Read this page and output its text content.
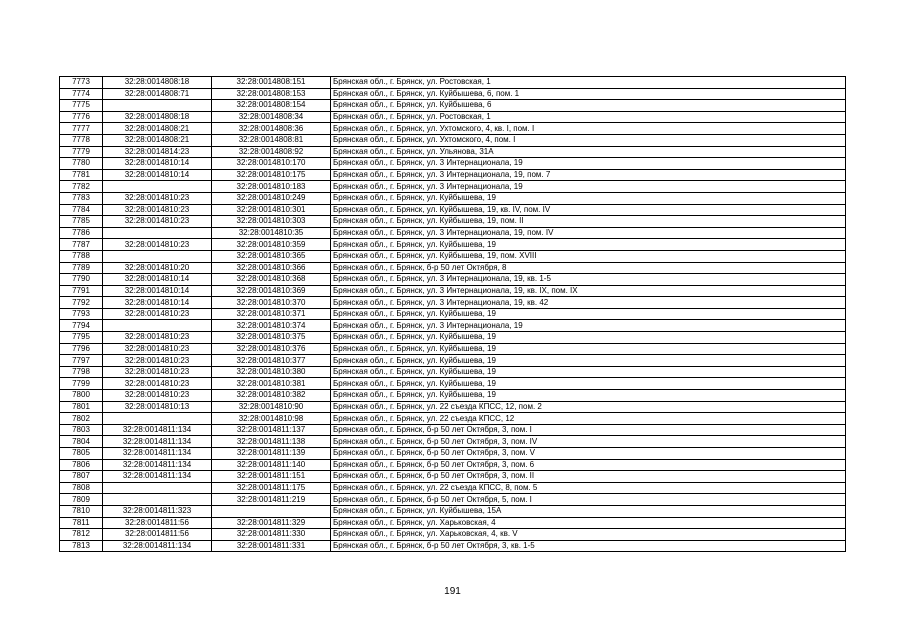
7773	32:28:0014808:18	32:28:0014808:151	Брянская обл., г. Брянск, ул. Ростовская, 1
7774	32:28:0014808:71	32:28:0014808:153	Брянская обл., г. Брянск, ул. Куйбышева, 6, пом. 1
7775		32:28:0014808:154	Брянская обл., г. Брянск, ул. Куйбышева, 6
7776	32:28:0014808:18	32:28:0014808:34	Брянская обл., г. Брянск, ул. Ростовская, 1
7777	32:28:0014808:21	32:28:0014808:36	Брянская обл., г. Брянск, ул. Ухтомского, 4, кв. I, пом. I
7778	32:28:0014808:21	32:28:0014808:81	Брянская обл., г. Брянск, ул. Ухтомского, 4, пом. I
7779	32:28:0014814:23	32:28:0014808:92	Брянская обл., г. Брянск, ул. Ульянова, 31А
7780	32:28:0014810:14	32:28:0014810:170	Брянская обл., г. Брянск, ул. 3 Интернационала, 19
7781	32:28:0014810:14	32:28:0014810:175	Брянская обл., г. Брянск, ул. 3 Интернационала, 19, пом. 7
7782		32:28:0014810:183	Брянская обл., г. Брянск, ул. 3 Интернационала, 19
7783	32:28:0014810:23	32:28:0014810:249	Брянская обл., г. Брянск, ул. Куйбышева, 19
7784	32:28:0014810:23	32:28:0014810:301	Брянская обл., г. Брянск, ул. Куйбышева, 19, кв. IV, пом. IV
7785	32:28:0014810:23	32:28:0014810:303	Брянская обл., г. Брянск, ул. Куйбышева, 19, пом. II
7786		32:28:0014810:35	Брянская обл., г. Брянск, ул. 3 Интернационала, 19, пом. IV
7787	32:28:0014810:23	32:28:0014810:359	Брянская обл., г. Брянск, ул. Куйбышева, 19
7788		32:28:0014810:365	Брянская обл., г. Брянск, ул. Куйбышева, 19, пом. XVIII
7789	32:28:0014810:20	32:28:0014810:366	Брянская обл., г. Брянск, б-р 50 лет Октября, 8
7790	32:28:0014810:14	32:28:0014810:368	Брянская обл., г. Брянск, ул. 3 Интернационала, 19, кв. 1-5
7791	32:28:0014810:14	32:28:0014810:369	Брянская обл., г. Брянск, ул. 3 Интернационала, 19, кв. IX, пом. IX
7792	32:28:0014810:14	32:28:0014810:370	Брянская обл., г. Брянск, ул. 3 Интернационала, 19, кв. 42
7793	32:28:0014810:23	32:28:0014810:371	Брянская обл., г. Брянск, ул. Куйбышева, 19
7794		32:28:0014810:374	Брянская обл., г. Брянск, ул. 3 Интернационала, 19
7795	32:28:0014810:23	32:28:0014810:375	Брянская обл., г. Брянск, ул. Куйбышева, 19
7796	32:28:0014810:23	32:28:0014810:376	Брянская обл., г. Брянск, ул. Куйбышева, 19
7797	32:28:0014810:23	32:28:0014810:377	Брянская обл., г. Брянск, ул. Куйбышева, 19
7798	32:28:0014810:23	32:28:0014810:380	Брянская обл., г. Брянск, ул. Куйбышева, 19
7799	32:28:0014810:23	32:28:0014810:381	Брянская обл., г. Брянск, ул. Куйбышева, 19
7800	32:28:0014810:23	32:28:0014810:382	Брянская обл., г. Брянск, ул. Куйбышева, 19
7801	32:28:0014810:13	32:28:0014810:90	Брянская обл., г. Брянск, ул. 22 съезда КПСС, 12, пом. 2
7802		32:28:0014810:98	Брянская обл., г. Брянск, ул. 22 съезда КПСС, 12
7803	32:28:0014811:134	32:28:0014811:137	Брянская обл., г. Брянск, б-р 50 лет Октября, 3, пом. I
7804	32:28:0014811:134	32:28:0014811:138	Брянская обл., г. Брянск, б-р 50 лет Октября, 3, пом. IV
7805	32:28:0014811:134	32:28:0014811:139	Брянская обл., г. Брянск, б-р 50 лет Октября, 3, пом. V
7806	32:28:0014811:134	32:28:0014811:140	Брянская обл., г. Брянск, б-р 50 лет Октября, 3, пом. 6
7807	32:28:0014811:134	32:28:0014811:151	Брянская обл., г. Брянск, б-р 50 лет Октября, 3, пом. II
7808		32:28:0014811:175	Брянская обл., г. Брянск, ул. 22 съезда КПСС, 8, пом. 5
7809		32:28:0014811:219	Брянская обл., г. Брянск, б-р 50 лет Октября, 5, пом. I
7810	32:28:0014811:323		Брянская обл., г. Брянск, ул. Куйбышева, 15А
7811	32:28:0014811:56	32:28:0014811:329	Брянская обл., г. Брянск, ул. Харьковская, 4
7812	32:28:0014811:56	32:28:0014811:330	Брянская обл., г. Брянск, ул. Харьковская, 4, кв. V
7813	32:28:0014811:134	32:28:0014811:331	Брянская обл., г. Брянск, б-р 50 лет Октября, 3, кв. 1-5
191
